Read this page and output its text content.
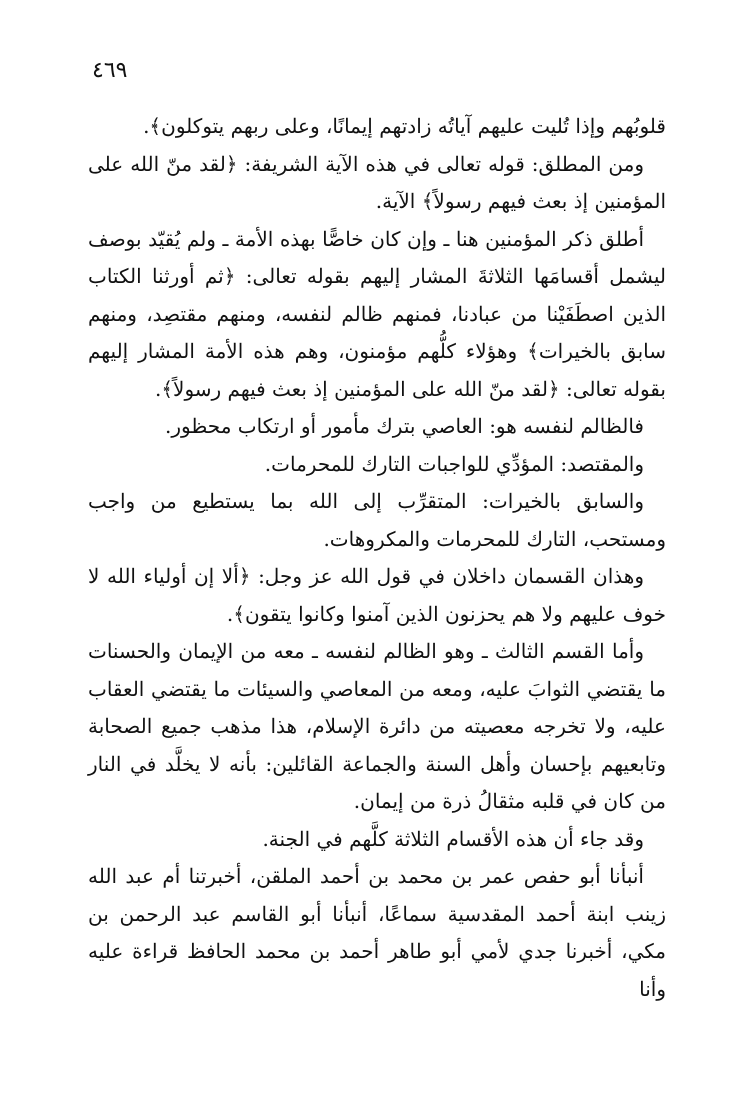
٤٦٩

قلوبُهم وإذا تُليت عليهم آياتُه زادتهم إيمانًا، وعلى ربهم يتوكلون﴾.

ومن المطلق: قوله تعالى في هذه الآية الشريفة: ﴿لقد منّ الله على المؤمنين إذ بعث فيهم رسولاً﴾ الآية.

أطلق ذكر المؤمنين هنا ـ وإن كان خاصًّا بهذه الأمة ـ ولم يُقيّد بوصف ليشمل أقسامَها الثلاثةَ المشار إليهم بقوله تعالى: ﴿ثم أورثنا الكتاب الذين اصطَفَيْنا من عبادنا، فمنهم ظالم لنفسه، ومنهم مقتصِد، ومنهم سابق بالخيرات﴾ وهؤلاء كلُّهم مؤمنون، وهم هذه الأمة المشار إليهم بقوله تعالى: ﴿لقد منّ الله على المؤمنين إذ بعث فيهم رسولاً﴾.

فالظالم لنفسه هو: العاصي بترك مأمور أو ارتكاب محظور.

والمقتصد: المؤدِّي للواجبات التارك للمحرمات.

والسابق بالخيرات: المتقرِّب إلى الله بما يستطيع من واجب ومستحب، التارك للمحرمات والمكروهات.

وهذان القسمان داخلان في قول الله عز وجل: ﴿ألا إن أولياء الله لا خوف عليهم ولا هم يحزنون الذين آمنوا وكانوا يتقون﴾.

وأما القسم الثالث ـ وهو الظالم لنفسه ـ معه من الإيمان والحسنات ما يقتضي الثوابَ عليه، ومعه من المعاصي والسيئات ما يقتضي العقاب عليه، ولا تخرجه معصيته من دائرة الإسلام، هذا مذهب جميع الصحابة وتابعيهم بإحسان وأهل السنة والجماعة القائلين: بأنه لا يخلَّد في النار من كان في قلبه مثقالُ ذرة من إيمان.

وقد جاء أن هذه الأقسام الثلاثة كلَّهم في الجنة.

أنبأنا أبو حفص عمر بن محمد بن أحمد الملقن، أخبرتنا أم عبد الله زينب ابنة أحمد المقدسية سماعًا، أنبأنا أبو القاسم عبد الرحمن بن مكي، أخبرنا جدي لأمي أبو طاهر أحمد بن محمد الحافظ قراءة عليه وأنا
